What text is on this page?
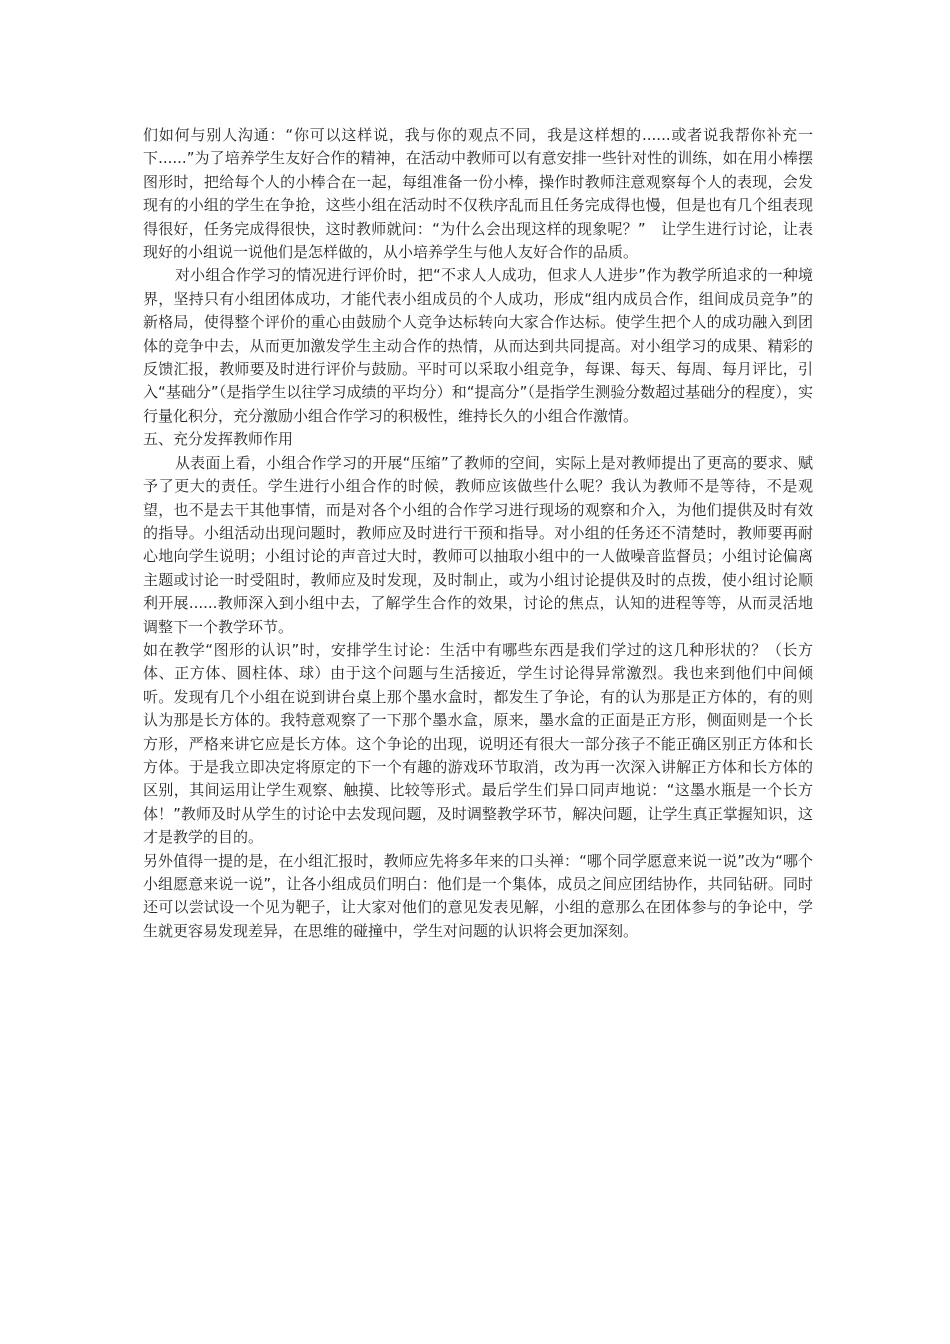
们如何与别人沟通：“你可以这样说，我与你的观点不同，我是这样想的......或者说我帮你补充一下......”为了培养学生友好合作的精神，在活动中教师可以有意安排一些针对性的训练，如在用小棒摆图形时，把给每个人的小棒合在一起，每组准备一份小棒，操作时教师注意观察每个人的表现，会发现有的小组的学生在争抢，这些小组在活动时不仅秩序乱而且任务完成得也慢，但是也有几个组表现得很好，任务完成得很快，这时教师就问：“为什么会出现这样的现象呢？”　让学生进行讨论，让表现好的小组说一说他们是怎样做的，从小培养学生与他人友好合作的品质。

对小组合作学习的情况进行评价时，把“不求人人成功，但求人人进步”作为教学所追求的一种境界，坚持只有小组团体成功，才能代表小组成员的个人成功，形成“组内成员合作，组间成员竞争”的新格局，使得整个评价的重心由鼓励个人竞争达标转向大家合作达标。使学生把个人的成功融入到团体的竞争中去，从而更加激发学生主动合作的热情，从而达到共同提高。对小组学习的成果、精彩的反馈汇报，教师要及时进行评价与鼓励。平时可以采取小组竞争，每课、每天、每周、每月评比，引入“基础分”（是指学生以往学习成绩的平均分）和“提高分”（是指学生测验分数超过基础分的程度），实行量化积分，充分激励小组合作学习的积极性，维持长久的小组合作激情。

五、充分发挥教师作用

从表面上看，小组合作学习的开展“压缩”了教师的空间，实际上是对教师提出了更高的要求、赋予了更大的责任。学生进行小组合作的时候，教师应该做些什么呢？我认为教师不是等待，不是观望，也不是去干其他事情，而是对各个小组的合作学习进行现场的观察和介入，为他们提供及时有效的指导。小组活动出现问题时，教师应及时进行干预和指导。对小组的任务还不清楚时，教师要再耐心地向学生说明；小组讨论的声音过大时，教师可以抽取小组中的一人做噪音监督员；小组讨论偏离主题或讨论一时受阻时，教师应及时发现，及时制止，或为小组讨论提供及时的点拨，使小组讨论顺利开展......教师深入到小组中去，了解学生合作的效果，讨论的焦点，认知的进程等等，从而灵活地调整下一个教学环节。

如在教学“图形的认识”时，安排学生讨论：生活中有哪些东西是我们学过的这几种形状的？（长方体、正方体、圆柱体、球）由于这个问题与生活接近，学生讨论得异常激烈。我也来到他们中间倾听。发现有几个小组在说到讲台桌上那个墨水盒时，都发生了争论，有的认为那是正方体的，有的则认为那是长方体的。我特意观察了一下那个墨水盒，原来，墨水盒的正面是正方形，侧面则是一个长方形，严格来讲它应是长方体。这个争论的出现，说明还有很大一部分孩子不能正确区别正方体和长方体。于是我立即决定将原定的下一个有趣的游戏环节取消，改为再一次深入讲解正方体和长方体的区别，其间运用让学生观察、触摸、比较等形式。最后学生们异口同声地说：“这墨水瓶是一个长方体！”教师及时从学生的讨论中去发现问题，及时调整教学环节，解决问题，让学生真正掌握知识，这才是教学的目的。

另外值得一提的是，在小组汇报时，教师应先将多年来的口头禅：“哪个同学愿意来说一说”改为“哪个小组愿意来说一说”，让各小组成员们明白：他们是一个集体，成员之间应团结协作，共同钻研。同时还可以尝试设一个见为靶子，让大家对他们的意见发表见解，小组的意那么在团体参与的争论中，学生就更容易发现差异，在思维的碰撞中，学生对问题的认识将会更加深刻。
